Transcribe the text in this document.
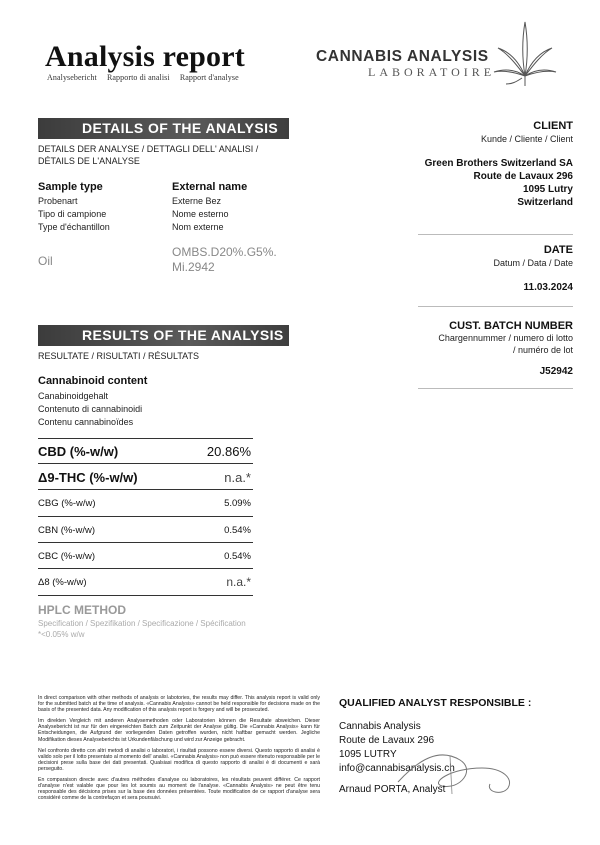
Analysis report
Analysebericht Rapporto di analisi Rapport d'analyse
CANNABIS ANALYSIS
LABORATOIRE
DETAILS OF THE ANALYSIS
DETAILS DER ANALYSE / DETTAGLI DELL' ANALISI /
DÉTAILS DE L'ANALYSE
Sample type
Probenart
Tipo di campione
Type d'échantillon
Oil
External name
Externe Bez
Nome esterno
Nom externe
OMBS.D20%.G5%.
Mi.2942
CLIENT
Kunde / Cliente / Client
Green Brothers Switzerland SA
Route de Lavaux 296
1095 Lutry
Switzerland
DATE
Datum / Data / Date
11.03.2024
CUST. BATCH NUMBER
Chargennummer / numero di lotto
/ numéro de lot
J52942
RESULTS OF THE ANALYSIS
RESULTATE / RISULTATI / RÉSULTATS
Cannabinoid content
Canabinoidgehalt
Contenuto di cannabinoidi
Contenu cannabinoïdes
CBD (%-w/w)	20.86%
Δ9-THC (%-w/w)	n.a.*
CBG (%-w/w)	5.09%
CBN (%-w/w)	0.54%
CBC (%-w/w)	0.54%
Δ8 (%-w/w)	n.a.*
HPLC METHOD
Specification / Spezifikation / Specificazione / Spécification
*<0.05% w/w
In direct comparison with other methods of analysis or labotories, the results may differ. This analysis report is valid only for the submitted batch at the time of analysis. «Cannabis Analysis» cannot be held responsible for decisions made on the basis of the presented data. Any modification of this analysis report is forgery and will be prosecuted.
Im direkten Vergleich mit anderen Analysemethoden oder Laboratorien können die Resultate abweichen. Dieser Analysebericht ist nur für den eingereichten Batch zum Zeitpunkt der Analyse gültig. Die «Cannabis Analysis» kann für Entscheidungen, die Aufgrund der vorliegenden Daten getroffen wurden, nicht haftbar gemacht werden. Jegliche Modifikation dieses Analyseberichts ist Urkundenfälschung und wird zur Anzeige gebracht.
Nel confronto diretto con altri metodi di analisi o laboratori, i risultati possono essere diversi. Questo rapporto di analisi è valido solo per il lotto presentato al momento dell' analisi. «Cannabis Analysis» non può essere ritenuto responsabile per le decisioni prese sulla base dei dati presentati. Qualsiasi modifica di questo rapporto di analisi è di documenti e sarà perseguito.
En comparaison directe avec d'autres méthodes d'analyse ou laboratoires, les résultats peuvent différer. Ce rapport d'analyse n'est valable que pour les lot soumis au moment de l'analyse. «Cannabis Analysis» ne peut être tenu responsable des décisions prises sur la base des données présentées. Toute modification de ce rapport d'analyse sera considéré comme de la contrefaçon et sera poursuivi.
QUALIFIED ANALYST RESPONSIBLE :
Cannabis Analysis
Route de Lavaux 296
1095 LUTRY
info@cannabisanalysis.ch
Arnaud PORTA, Analyst
